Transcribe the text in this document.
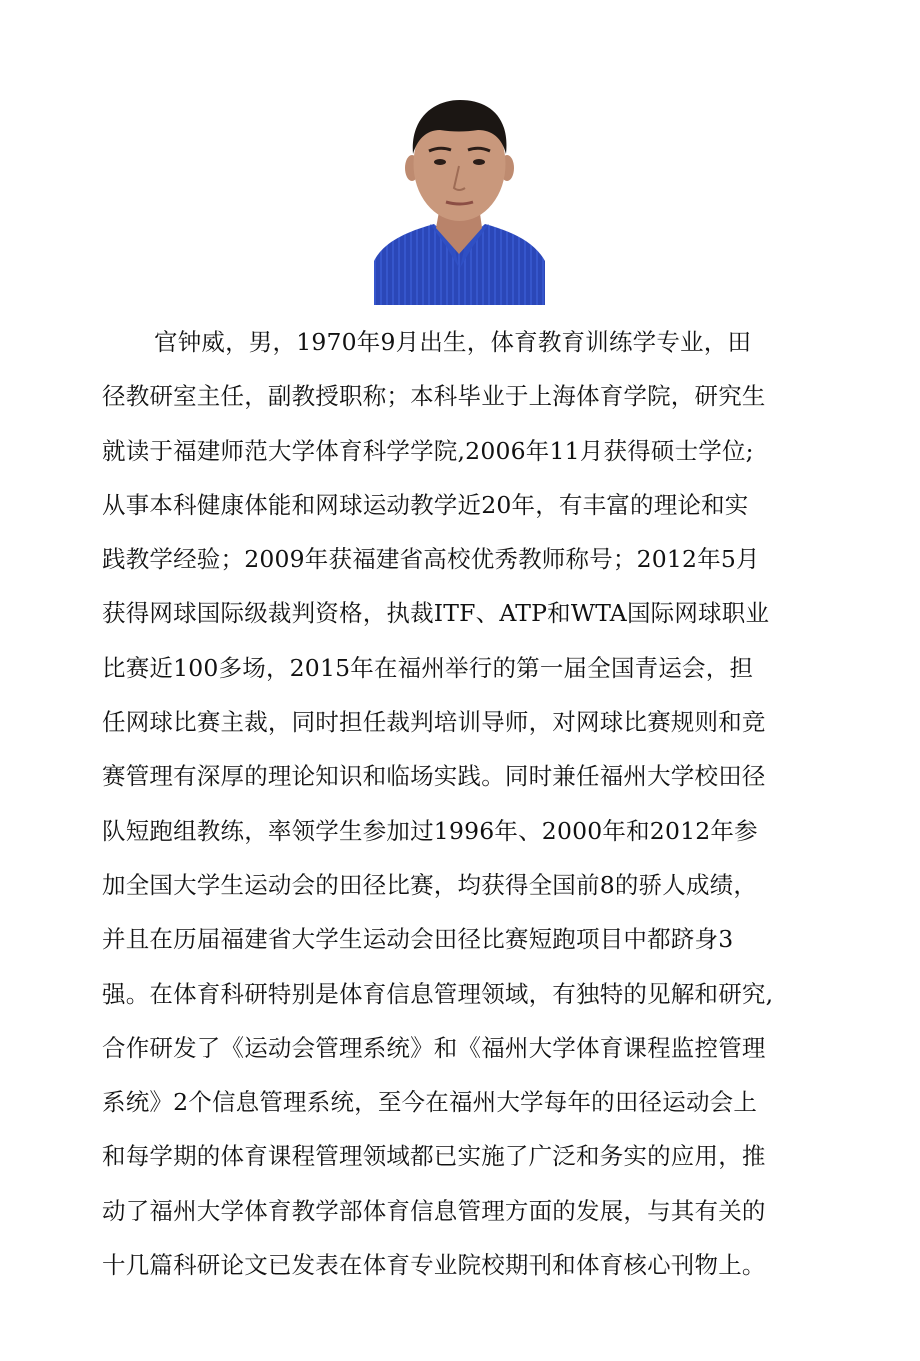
官钟威，男，1970年9月出生，体育教育训练学专业，田
径教研室主任，副教授职称；本科毕业于上海体育学院，研究生
就读于福建师范大学体育科学学院,2006年11月获得硕士学位;
从事本科健康体能和网球运动教学近20年，有丰富的理论和实
践教学经验；2009年获福建省高校优秀教师称号；2012年5月
获得网球国际级裁判资格，执裁ITF、ATP和WTA国际网球职业
比赛近100多场，2015年在福州举行的第一届全国青运会，担
任网球比赛主裁，同时担任裁判培训导师，对网球比赛规则和竞
赛管理有深厚的理论知识和临场实践。同时兼任福州大学校田径
队短跑组教练，率领学生参加过1996年、2000年和2012年参
加全国大学生运动会的田径比赛，均获得全国前8的骄人成绩，
并且在历届福建省大学生运动会田径比赛短跑项目中都跻身3
强。在体育科研特别是体育信息管理领域，有独特的见解和研究,
合作研发了《运动会管理系统》和《福州大学体育课程监控管理
系统》2个信息管理系统，至今在福州大学每年的田径运动会上
和每学期的体育课程管理领域都已实施了广泛和务实的应用，推
动了福州大学体育教学部体育信息管理方面的发展，与其有关的
十几篇科研论文已发表在体育专业院校期刊和体育核心刊物上。
